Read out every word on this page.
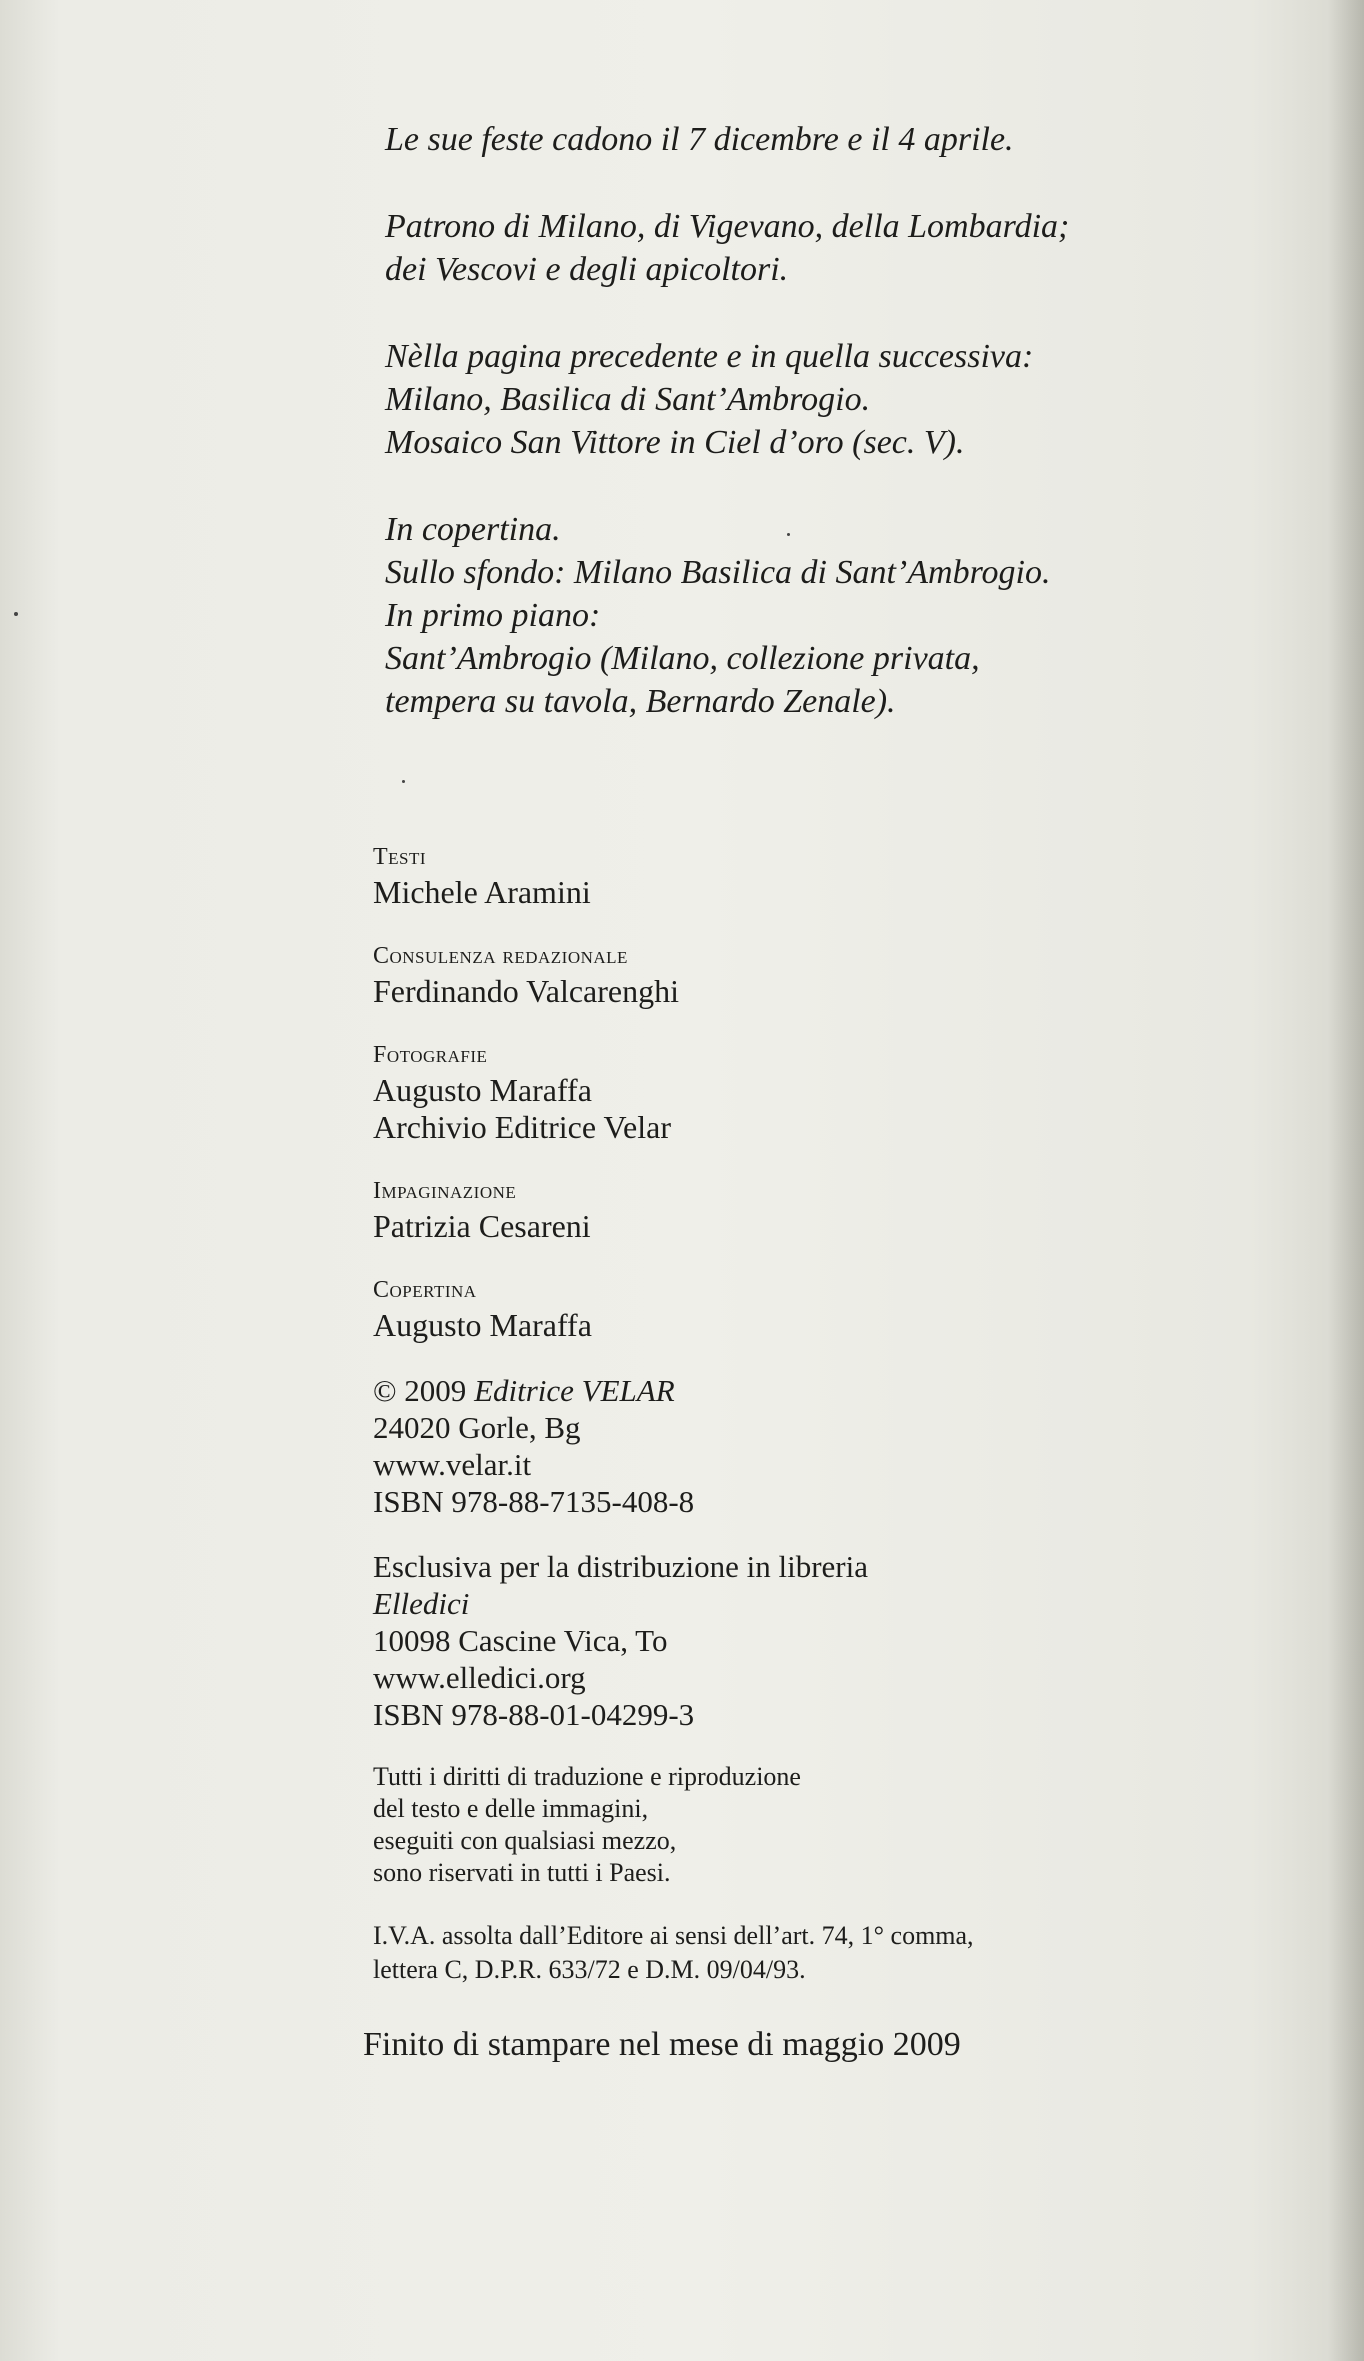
Le sue feste cadono il 7 dicembre e il 4 aprile.

Patrono di Milano, di Vigevano, della Lombardia;
dei Vescovi e degli apicoltori.

Nèlla pagina precedente e in quella successiva:
Milano, Basilica di Sant’Ambrogio.
Mosaico San Vittore in Ciel d’oro (sec. V).

In copertina.
Sullo sfondo: Milano Basilica di Sant’Ambrogio.
In primo piano:
Sant’Ambrogio (Milano, collezione privata,
tempera su tavola, Bernardo Zenale).

Testi
Michele Aramini
Consulenza redazionale
Ferdinando Valcarenghi
Fotografie
Augusto Maraffa
Archivio Editrice Velar
Impaginazione
Patrizia Cesareni
Copertina
Augusto Maraffa
© 2009 Editrice VELAR
24020 Gorle, Bg
www.velar.it
ISBN 978-88-7135-408-8
Esclusiva per la distribuzione in libreria
Elledici
10098 Cascine Vica, To
www.elledici.org
ISBN 978-88-01-04299-3
Tutti i diritti di traduzione e riproduzione
del testo e delle immagini,
eseguiti con qualsiasi mezzo,
sono riservati in tutti i Paesi.
I.V.A. assolta dall’Editore ai sensi dell’art. 74, 1° comma,
lettera C, D.P.R. 633/72 e D.M. 09/04/93.
Finito di stampare nel mese di maggio 2009
